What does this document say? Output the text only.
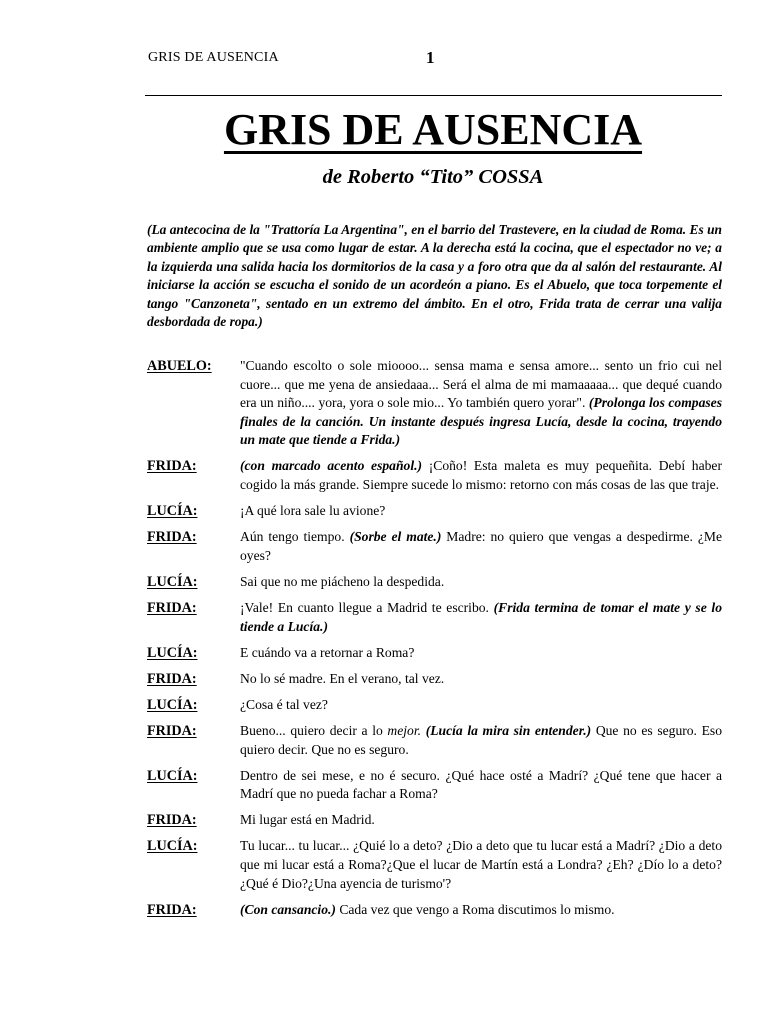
GRIS DE AUSENCIA	1
GRIS DE AUSENCIA
de Roberto “Tito” COSSA
(La antecocina de la "Trattoría La Argentina", en el barrio del Trastevere, en la ciudad de Roma. Es un ambiente amplio que se usa como lugar de estar. A la derecha está la cocina, que el espectador no ve; a la izquierda una salida hacia los dormitorios de la casa y a foro otra que da al salón del restaurante. Al iniciarse la acción se escucha el sonido de un acordeón a piano. Es el Abuelo, que toca torpemente el tango "Canzoneta", sentado en un extremo del ámbito. En el otro, Frida trata de cerrar una valija desbordada de ropa.)
ABUELO:	"Cuando escolto o sole mioooo... sensa mama e sensa amore... sento un frio cui nel cuore... que me yena de ansiedaaa... Será el alma de mi mamaaaaa... que dequé cuando era un niño.... yora, yora o sole mio... Yo también quero yorar". (Prolonga los compases finales de la canción. Un instante después ingresa Lucía, desde la cocina, trayendo un mate que tiende a Frida.)
FRIDA:	(con marcado acento español.) ¡Coño! Esta maleta es muy pequeñita. Debí haber cogido la más grande. Siempre sucede lo mismo: retorno con más cosas de las que traje.
LUCÍA:	¡A qué lora sale lu avione?
FRIDA:	Aún tengo tiempo. (Sorbe el mate.) Madre: no quiero que vengas a despedirme. ¿Me oyes?
LUCÍA:	Sai que no me piácheno la despedida.
FRIDA:	¡Vale! En cuanto llegue a Madrid te escribo. (Frida termina de tomar el mate y se lo tiende a Lucía.)
LUCÍA:	E cuándo va a retornar a Roma?
FRIDA:	No lo sé madre. En el verano, tal vez.
LUCÍA:	¿Cosa é tal vez?
FRIDA:	Bueno... quiero decir a lo mejor. (Lucía la mira sin entender.) Que no es seguro. Eso quiero decir. Que no es seguro.
LUCÍA:	Dentro de sei mese, e no é securo. ¿Qué hace osté a Madrí? ¿Qué tene que hacer a Madrí que no pueda fachar a Roma?
FRIDA:	Mi lugar está en Madrid.
LUCÍA:	Tu lucar... tu lucar... ¿Quié lo a deto? ¿Dio a deto que tu lucar está a Madrí? ¿Dio a deto que mi lucar está a Roma?¿Que el lucar de Martín está a Londra? ¿Eh? ¿Dío lo a deto? ¿Qué é Dio?¿Una ayencia de turismo'?
FRIDA:	(Con cansancio.) Cada vez que vengo a Roma discutimos lo mismo.
